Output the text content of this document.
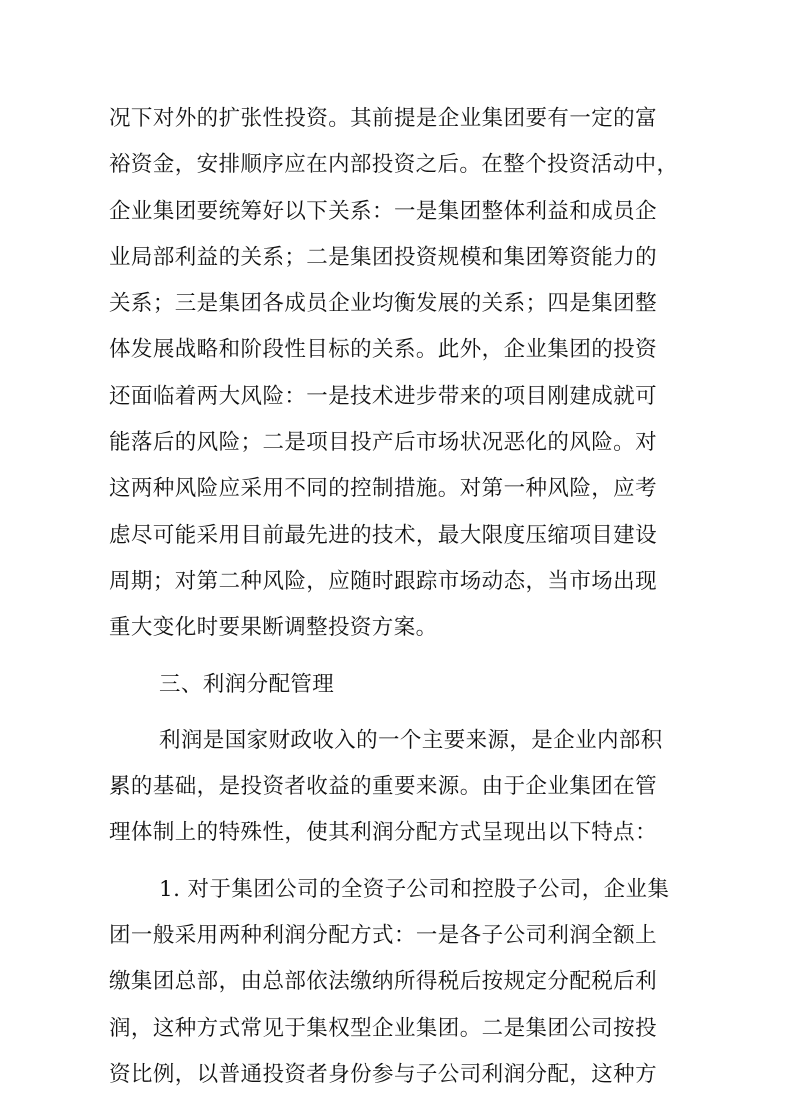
况下对外的扩张性投资。其前提是企业集团要有一定的富
裕资金，安排顺序应在内部投资之后。在整个投资活动中，
企业集团要统筹好以下关系：一是集团整体利益和成员企
业局部利益的关系；二是集团投资规模和集团筹资能力的
关系；三是集团各成员企业均衡发展的关系；四是集团整
体发展战略和阶段性目标的关系。此外，企业集团的投资
还面临着两大风险：一是技术进步带来的项目刚建成就可
能落后的风险；二是项目投产后市场状况恶化的风险。对
这两种风险应采用不同的控制措施。对第一种风险，应考
虑尽可能采用目前最先进的技术，最大限度压缩项目建设
周期；对第二种风险，应随时跟踪市场动态，当市场出现
重大变化时要果断调整投资方案。
三、利润分配管理
利润是国家财政收入的一个主要来源，是企业内部积
累的基础，是投资者收益的重要来源。由于企业集团在管
理体制上的特殊性，使其利润分配方式呈现出以下特点：
1. 对于集团公司的全资子公司和控股子公司，企业集
团一般采用两种利润分配方式：一是各子公司利润全额上
缴集团总部，由总部依法缴纳所得税后按规定分配税后利
润，这种方式常见于集权型企业集团。二是集团公司按投
资比例，以普通投资者身份参与子公司利润分配，这种方
